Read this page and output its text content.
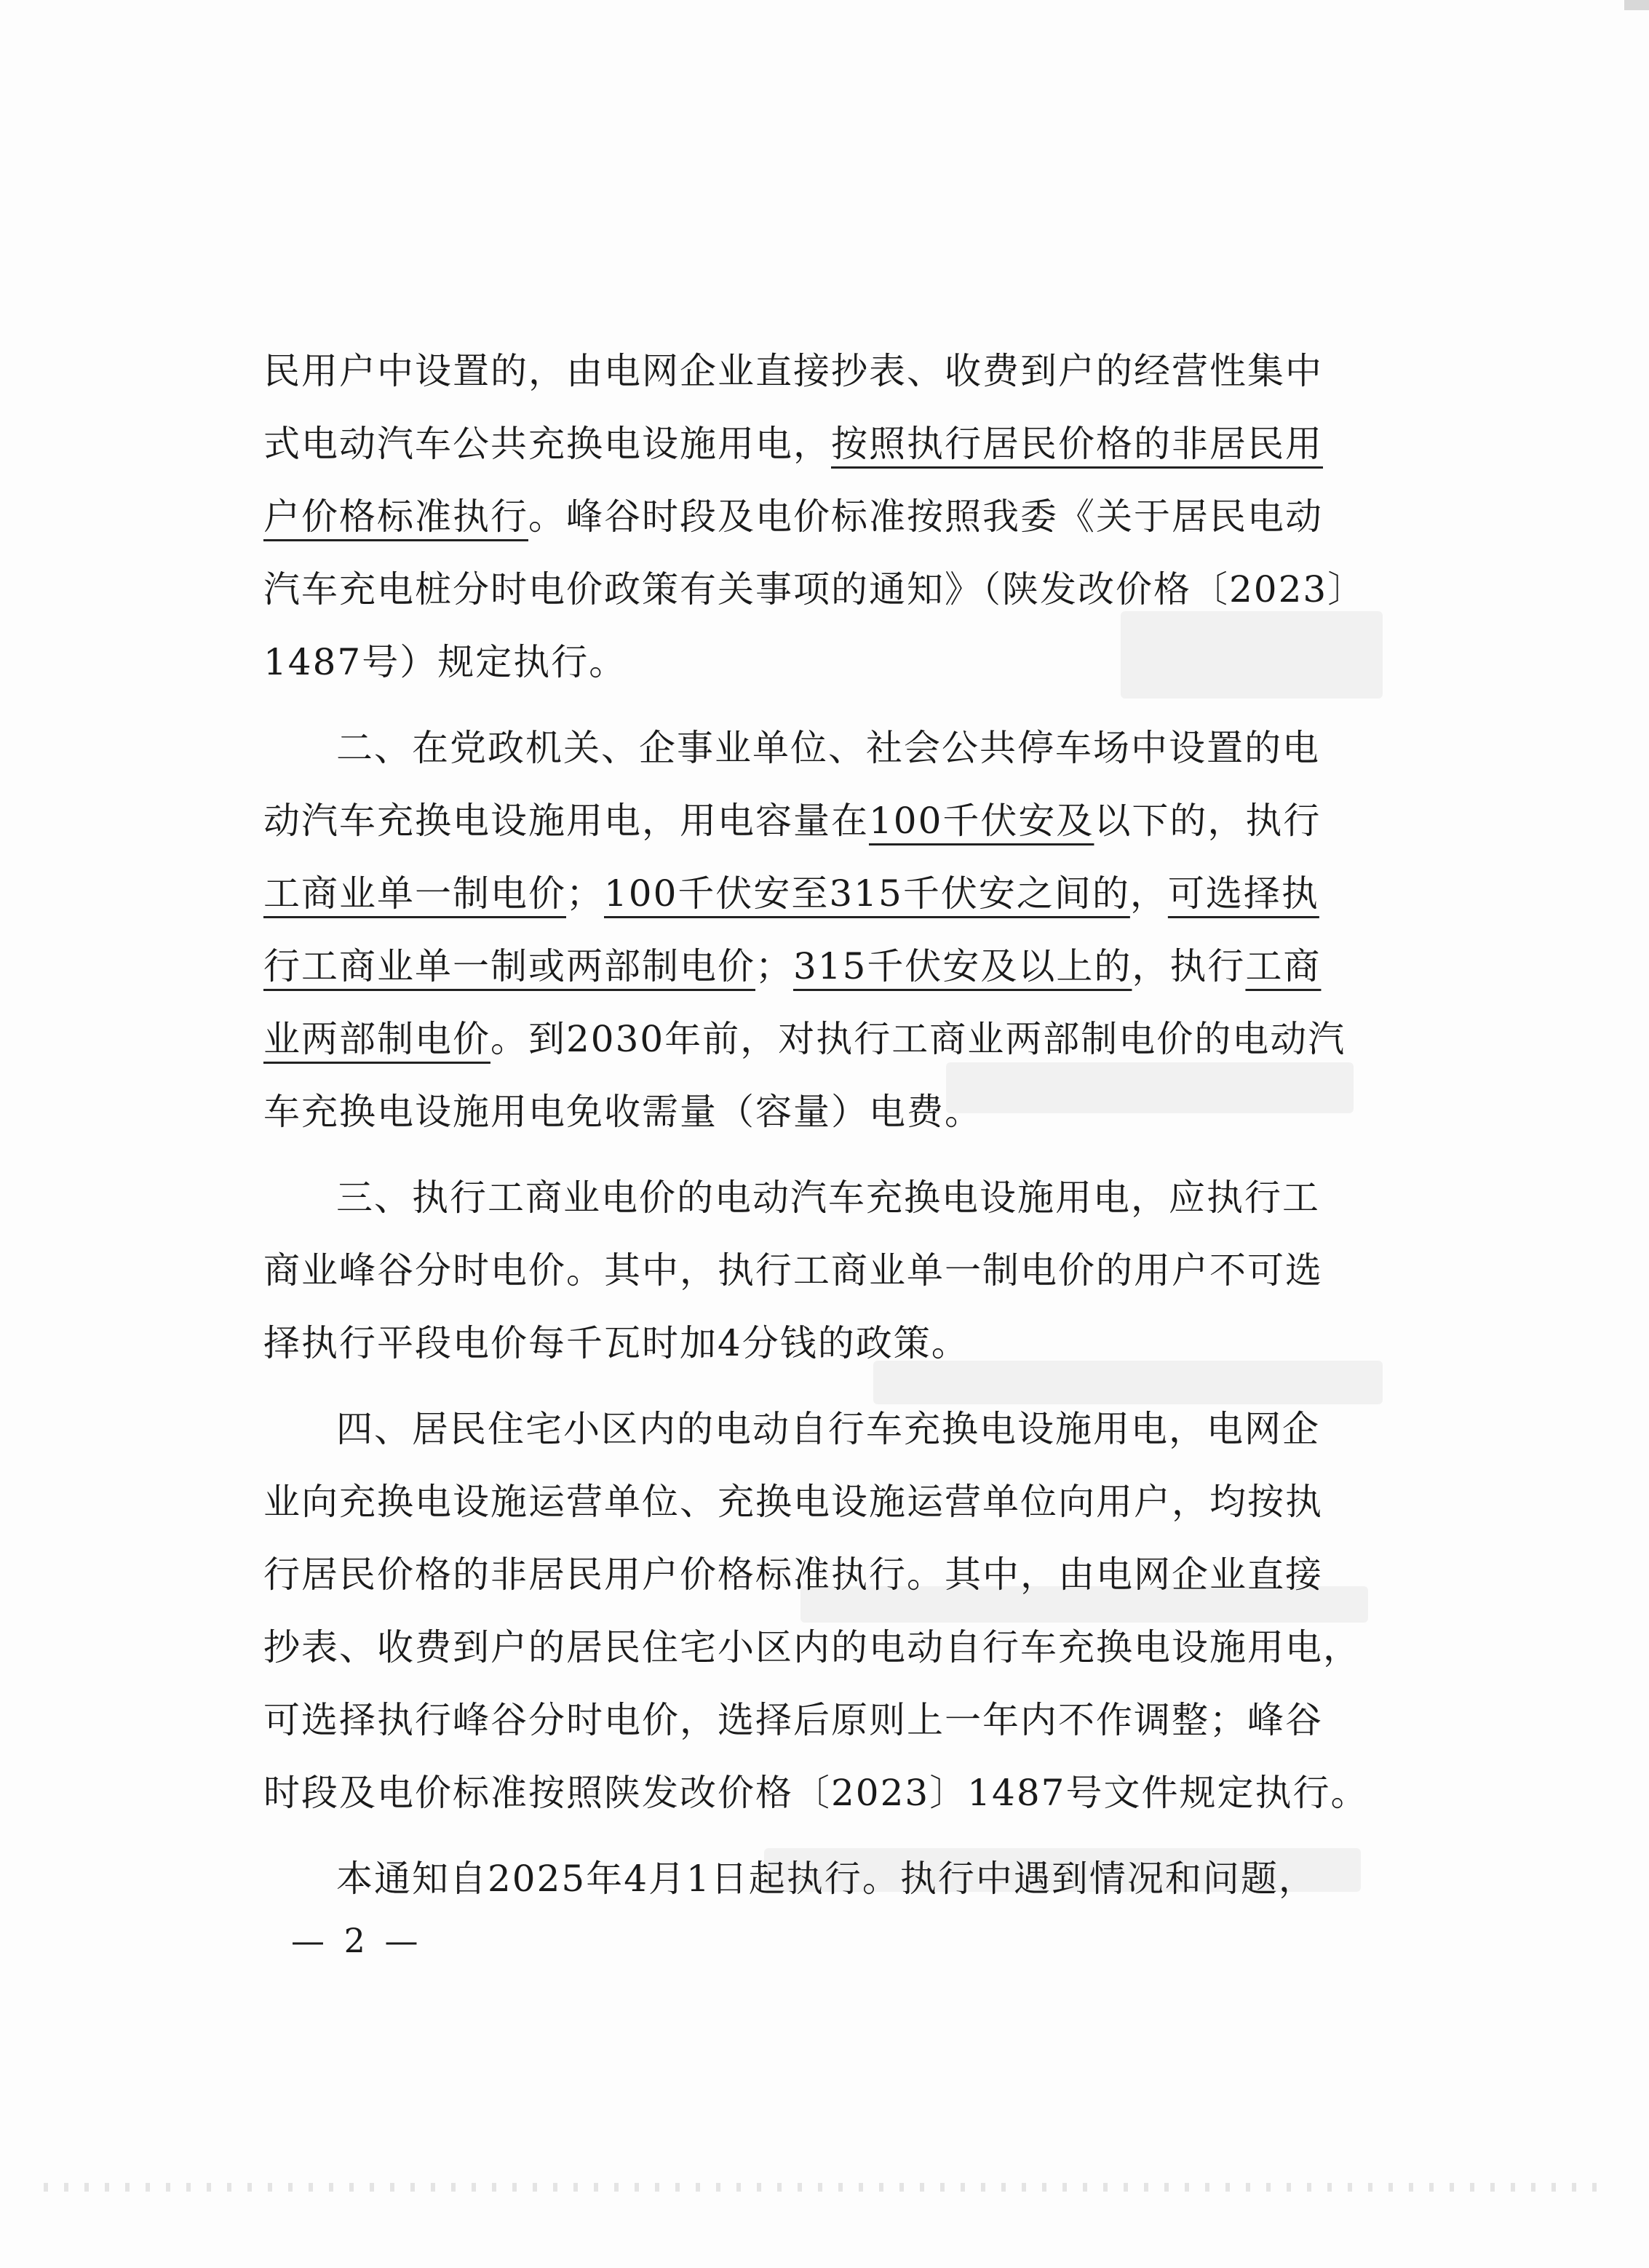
民用户中设置的，由电网企业直接抄表、收费到户的经营性集中
式电动汽车公共充换电设施用电，按照执行居民价格的非居民用
户价格标准执行。峰谷时段及电价标准按照我委《关于居民电动
汽车充电桩分时电价政策有关事项的通知》（陕发改价格〔2023〕
1487号）规定执行。
二、在党政机关、企事业单位、社会公共停车场中设置的电
动汽车充换电设施用电，用电容量在100千伏安及以下的，执行
工商业单一制电价；100千伏安至315千伏安之间的，可选择执
行工商业单一制或两部制电价；315千伏安及以上的，执行工商
业两部制电价。到2030年前，对执行工商业两部制电价的电动汽
车充换电设施用电免收需量（容量）电费。
三、执行工商业电价的电动汽车充换电设施用电，应执行工
商业峰谷分时电价。其中，执行工商业单一制电价的用户不可选
择执行平段电价每千瓦时加4分钱的政策。
四、居民住宅小区内的电动自行车充换电设施用电，电网企
业向充换电设施运营单位、充换电设施运营单位向用户，均按执
行居民价格的非居民用户价格标准执行。其中，由电网企业直接
抄表、收费到户的居民住宅小区内的电动自行车充换电设施用电，
可选择执行峰谷分时电价，选择后原则上一年内不作调整；峰谷
时段及电价标准按照陕发改价格〔2023〕1487号文件规定执行。
本通知自2025年4月1日起执行。执行中遇到情况和问题，
— 2 —
